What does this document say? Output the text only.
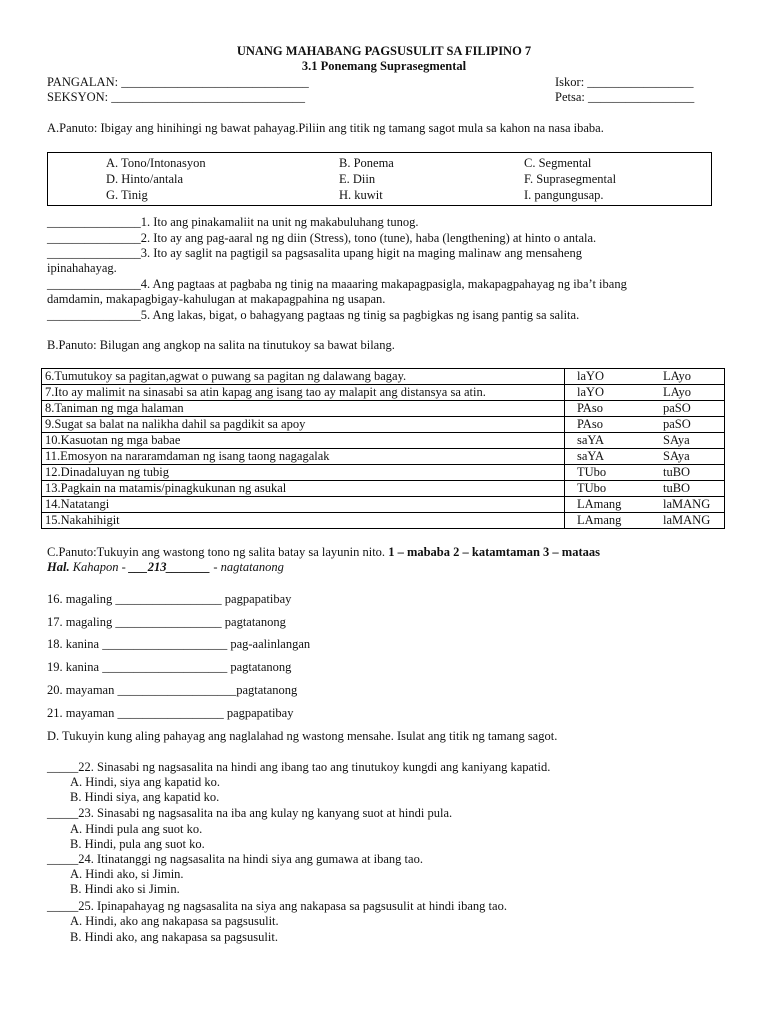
UNANG MAHABANG PAGSUSULIT SA FILIPINO 7
3.1 Ponemang Suprasegmental
PANGALAN: ______________________________
SEKSYON: _______________________________
Iskor: _________________
Petsa: _________________
A.Panuto: Ibigay ang hinihingi ng bawat pahayag.Piliin ang titik ng tamang sagot mula sa kahon na nasa ibaba.
A. Tono/Intonasyon	B. Ponema	C. Segmental
D. Hinto/antala	E. Diin	F. Suprasegmental
G. Tinig	H. kuwit	I. pangungusap.
_______________1. Ito ang pinakamaliit na unit ng makabuluhang tunog.
_______________2. Ito ay ang pag-aaral ng ng diin (Stress), tono (tune), haba (lengthening) at hinto o antala.
_______________3. Ito ay saglit na pagtigil sa pagsasalita upang higit na maging malinaw ang mensaheng
ipinahahayag.
_______________4. Ang pagtaas at pagbaba ng tinig na maaaring makapagpasigla, makapagpahayag ng iba’t ibang
damdamin, makapagbigay-kahulugan at makapagpahina ng usapan.
_______________5. Ang lakas, bigat, o bahagyang pagtaas ng tinig sa pagbigkas ng isang pantig sa salita.
B.Panuto: Bilugan ang angkop na salita na tinutukoy sa bawat bilang.
6.Tumutukoy sa pagitan,agwat o puwang sa pagitan ng dalawang bagay.	laYO LAyo

7.Ito ay malimit na sinasabi sa atin kapag ang isang tao ay malapit ang distansya sa atin.	laYO LAyo

8.Taniman ng mga halaman	PAso paSO

9.Sugat sa balat na nalikha dahil sa pagdikit sa apoy	PAso paSO

10.Kasuotan ng mga babae	saYA SAya

11.Emosyon na nararamdaman ng isang taong nagagalak	saYA SAya

12.Dinadaluyan ng tubig	TUbo tuBO

13.Pagkain na matamis/pinagkukunan ng asukal	TUbo tuBO

14.Natatangi	LAmang laMANG

15.Nakahihigit	LAmang laMANG
C.Panuto:Tukuyin ang wastong tono ng salita batay sa layunin nito. 1 – mababa 2 – katamtaman 3 – mataas
Hal. Kahapon - ___213_______ - nagtatanong
16. magaling _________________ pagpapatibay
17. magaling _________________ pagtatanong
18. kanina ____________________ pag-aalinlangan
19. kanina ____________________ pagtatanong
20. mayaman ___________________pagtatanong
21. mayaman _________________ pagpapatibay
D. Tukuyin kung aling pahayag ang naglalahad ng wastong mensahe. Isulat ang titik ng tamang sagot.
_____22. Sinasabi ng nagsasalita na hindi ang ibang tao ang tinutukoy kungdi ang kaniyang kapatid.
A. Hindi, siya ang kapatid ko.
B. Hindi siya, ang kapatid ko.
_____23. Sinasabi ng nagsasalita na iba ang kulay ng kanyang suot at hindi pula.
A. Hindi pula ang suot ko.
B. Hindi, pula ang suot ko.
_____24. Itinatanggi ng nagsasalita na hindi siya ang gumawa at ibang tao.
A. Hindi ako, si Jimin.
B. Hindi ako si Jimin.
_____25. Ipinapahayag ng nagsasalita na siya ang nakapasa sa pagsusulit at hindi ibang tao.
A. Hindi, ako ang nakapasa sa pagsusulit.
B. Hindi ako, ang nakapasa sa pagsusulit.
